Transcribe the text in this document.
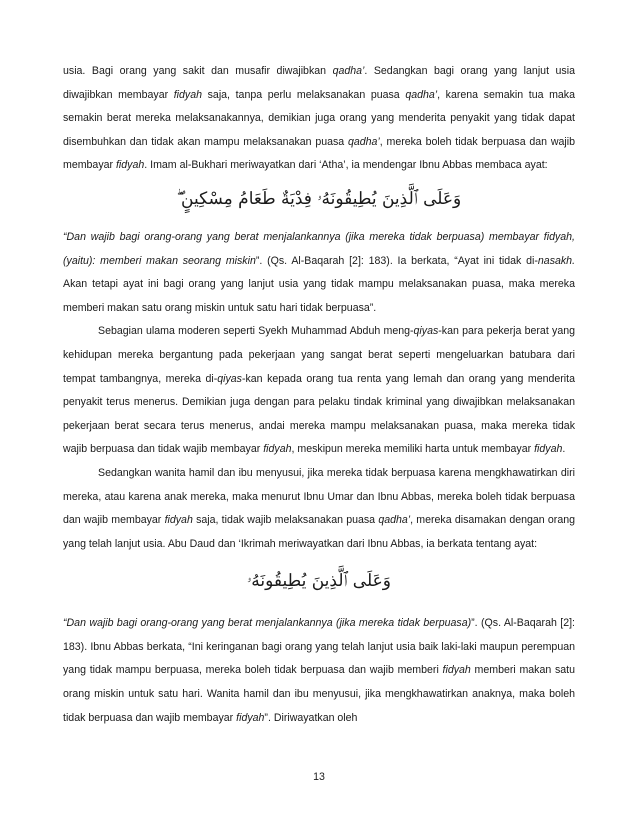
usia. Bagi orang yang sakit dan musafir diwajibkan qadha’. Sedangkan bagi orang yang lanjut usia diwajibkan membayar fidyah saja, tanpa perlu melaksanakan puasa qadha’, karena semakin tua maka semakin berat mereka melaksanakannya, demikian juga orang yang menderita penyakit yang tidak dapat disembuhkan dan tidak akan mampu melaksanakan puasa qadha’, mereka boleh tidak berpuasa dan wajib membayar fidyah. Imam al-Bukhari meriwayatkan dari ‘Atha’, ia mendengar Ibnu Abbas membaca ayat:

وَعَلَى ٱلَّذِينَ يُطِيقُونَهُۥ فِدْيَةٌ طَعَامُ مِسْكِينٍ ۖ

“Dan wajib bagi orang-orang yang berat menjalankannya (jika mereka tidak berpuasa) membayar fidyah, (yaitu): memberi makan seorang miskin”. (Qs. Al-Baqarah [2]: 183). Ia berkata, “Ayat ini tidak di-nasakh. Akan tetapi ayat ini bagi orang yang lanjut usia yang tidak mampu melaksanakan puasa, maka mereka memberi makan satu orang miskin untuk satu hari tidak berpuasa”.

Sebagian ulama moderen seperti Syekh Muhammad Abduh meng-qiyas-kan para pekerja berat yang kehidupan mereka bergantung pada pekerjaan yang sangat berat seperti mengeluarkan batubara dari tempat tambangnya, mereka di-qiyas-kan kepada orang tua renta yang lemah dan orang yang menderita penyakit terus menerus. Demikian juga dengan para pelaku tindak kriminal yang diwajibkan melaksanakan pekerjaan berat secara terus menerus, andai mereka mampu melaksanakan puasa, maka mereka tidak wajib berpuasa dan tidak wajib membayar fidyah, meskipun mereka memiliki harta untuk membayar fidyah.

Sedangkan wanita hamil dan ibu menyusui, jika mereka tidak berpuasa karena mengkhawatirkan diri mereka, atau karena anak mereka, maka menurut Ibnu Umar dan Ibnu Abbas, mereka boleh tidak berpuasa dan wajib membayar fidyah saja, tidak wajib melaksanakan puasa qadha’, mereka disamakan dengan orang yang telah lanjut usia. Abu Daud dan ‘Ikrimah meriwayatkan dari Ibnu Abbas, ia berkata tentang ayat:

وَعَلَى ٱلَّذِينَ يُطِيقُونَهُۥ

“Dan wajib bagi orang-orang yang berat menjalankannya (jika mereka tidak berpuasa)”. (Qs. Al-Baqarah [2]: 183). Ibnu Abbas berkata, “Ini keringanan bagi orang yang telah lanjut usia baik laki-laki maupun perempuan yang tidak mampu berpuasa, mereka boleh tidak berpuasa dan wajib memberi fidyah memberi makan satu orang miskin untuk satu hari. Wanita hamil dan ibu menyusui, jika mengkhawatirkan anaknya, maka boleh tidak berpuasa dan wajib membayar fidyah”. Diriwayatkan oleh

13
